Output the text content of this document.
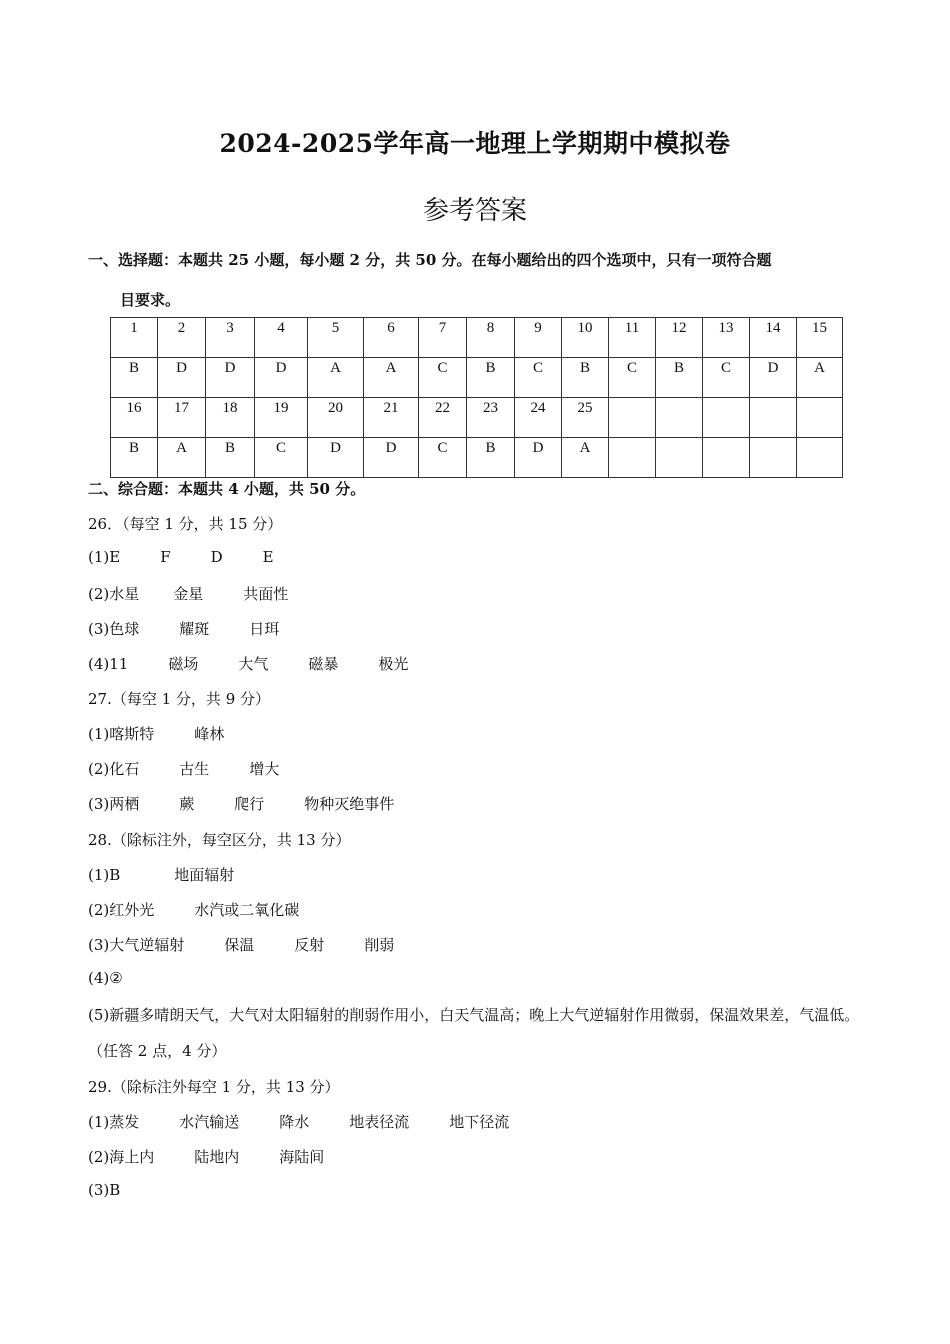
2024-2025学年高一地理上学期期中模拟卷
参考答案
一、选择题：本题共 25 小题，每小题 2 分，共 50 分。在每小题给出的四个选项中，只有一项符合题
目要求。
1	2	3	4	5	6	7	8	9	10	11	12	13	14	15
B	D	D	D	A	A	C	B	C	B	C	B	C	D	A
16	17	18	19	20	21	22	23	24	25					
B	A	B	C	D	D	C	B	D	A					
二、综合题：本题共 4 小题，共 50 分。
26．（每空 1 分，共 15 分）
(1)E	F	D	E
(2)水星 金星	共面性
(3)色球	耀斑	日珥
(4)11	磁场	大气	磁暴	极光
27.（每空 1 分，共 9 分）
(1)喀斯特	峰林
(2)化石	古生	增大
(3)两栖	蕨	爬行	物种灭绝事件
28.（除标注外，每空区分，共 13 分）
(1)B	地面辐射
(2)红外光	水汽或二氧化碳
(3)大气逆辐射	保温	反射	削弱
(4)②
(5)新疆多晴朗天气，大气对太阳辐射的削弱作用小，白天气温高；晚上大气逆辐射作用微弱，保温效果差，气温低。（任答 2 点，4 分）
29.（除标注外每空 1 分，共 13 分）
(1)蒸发	水汽输送	降水	地表径流	地下径流
(2)海上内	陆地内	海陆间
(3)B
